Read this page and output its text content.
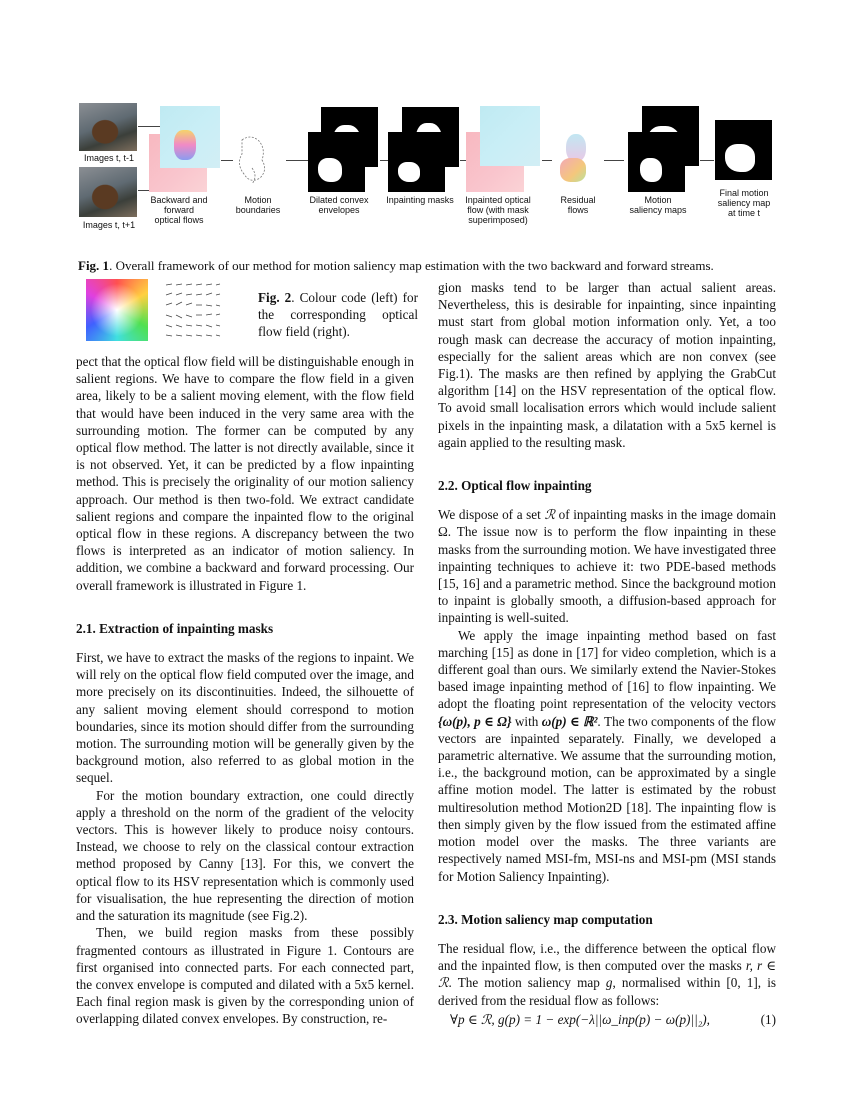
Images t, t-1
Images t, t+1
Backward and
forward
optical flows
Motion
boundaries
Dilated convex
envelopes
Inpainting masks	Inpainted optical
flow (with mask
superimposed)
Residual
flows
Motion
saliency maps
Final motion
saliency map
at time t
Fig. 1. Overall framework of our method for motion saliency map estimation with the two backward and forward streams.
Fig. 2. Colour code (left) for the corresponding optical flow field (right).

pect that the optical flow field will be distinguishable enough in salient regions. We have to compare the flow field in a given area, likely to be a salient moving element, with the flow field that would have been induced in the very same area with the surrounding motion. The former can be computed by any optical flow method. The latter is not directly available, since it is not observed. Yet, it can be predicted by a flow inpainting method. This is precisely the originality of our motion saliency approach. Our method is then two-fold. We extract candidate salient regions and compare the inpainted flow to the original optical flow in these regions. A discrepancy between the two flows is interpreted as an indicator of motion saliency. In addition, we combine a backward and forward processing. Our overall framework is illustrated in Figure 1.

2.1. Extraction of inpainting masks

First, we have to extract the masks of the regions to inpaint. We will rely on the optical flow field computed over the image, and more precisely on its discontinuities. Indeed, the silhouette of any salient moving element should correspond to motion boundaries, since its motion should differ from the surrounding motion. The surrounding motion will be generally given by the background motion, also referred to as global motion in the sequel.

For the motion boundary extraction, one could directly apply a threshold on the norm of the gradient of the velocity vectors. This is however likely to produce noisy contours. Instead, we choose to rely on the classical contour extraction method proposed by Canny [13]. For this, we convert the optical flow to its HSV representation which is commonly used for visualisation, the hue representing the direction of motion and the saturation its magnitude (see Fig.2).

Then, we build region masks from these possibly fragmented contours as illustrated in Figure 1. Contours are first organised into connected parts. For each connected part, the convex envelope is computed and dilated with a 5x5 kernel. Each final region mask is given by the corresponding union of overlapping dilated convex envelopes. By construction, re-

gion masks tend to be larger than actual salient areas. Nevertheless, this is desirable for inpainting, since inpainting must start from global motion information only. Yet, a too rough mask can decrease the accuracy of motion inpainting, especially for the salient areas which are non convex (see Fig.1). The masks are then refined by applying the GrabCut algorithm [14] on the HSV representation of the optical flow. To avoid small localisation errors which would include salient pixels in the inpainting mask, a dilatation with a 5x5 kernel is again applied to the resulting mask.

2.2. Optical flow inpainting

We dispose of a set ℛ of inpainting masks in the image domain Ω. The issue now is to perform the flow inpainting in these masks from the surrounding motion. We have investigated three inpainting techniques to achieve it: two PDE-based methods [15, 16] and a parametric method. Since the background motion to inpaint is globally smooth, a diffusion-based approach for inpainting is well-suited.

We apply the image inpainting method based on fast marching [15] as done in [17] for video completion, which is a different goal than ours. We similarly extend the Navier-Stokes based image inpainting method of [16] to flow inpainting. We adopt the floating point representation of the velocity vectors {ω(p), p ∈ Ω} with ω(p) ∈ ℝ². The two components of the flow vectors are inpainted separately. Finally, we developed a parametric alternative. We assume that the surrounding motion, i.e., the background motion, can be approximated by a single affine motion model. The latter is estimated by the robust multiresolution method Motion2D [18]. The inpainting flow is then simply given by the flow issued from the estimated affine motion model over the masks. The three variants are respectively named MSI-fm, MSI-ns and MSI-pm (MSI stands for Motion Saliency Inpainting).

2.3. Motion saliency map computation

The residual flow, i.e., the difference between the optical flow and the inpainted flow, is then computed over the masks r, r ∈ ℛ. The motion saliency map g, normalised within [0, 1], is derived from the residual flow as follows:

∀p ∈ ℛ, g(p) = 1 − exp(−λ||ω_inp(p) − ω(p)||₂),	(1)
